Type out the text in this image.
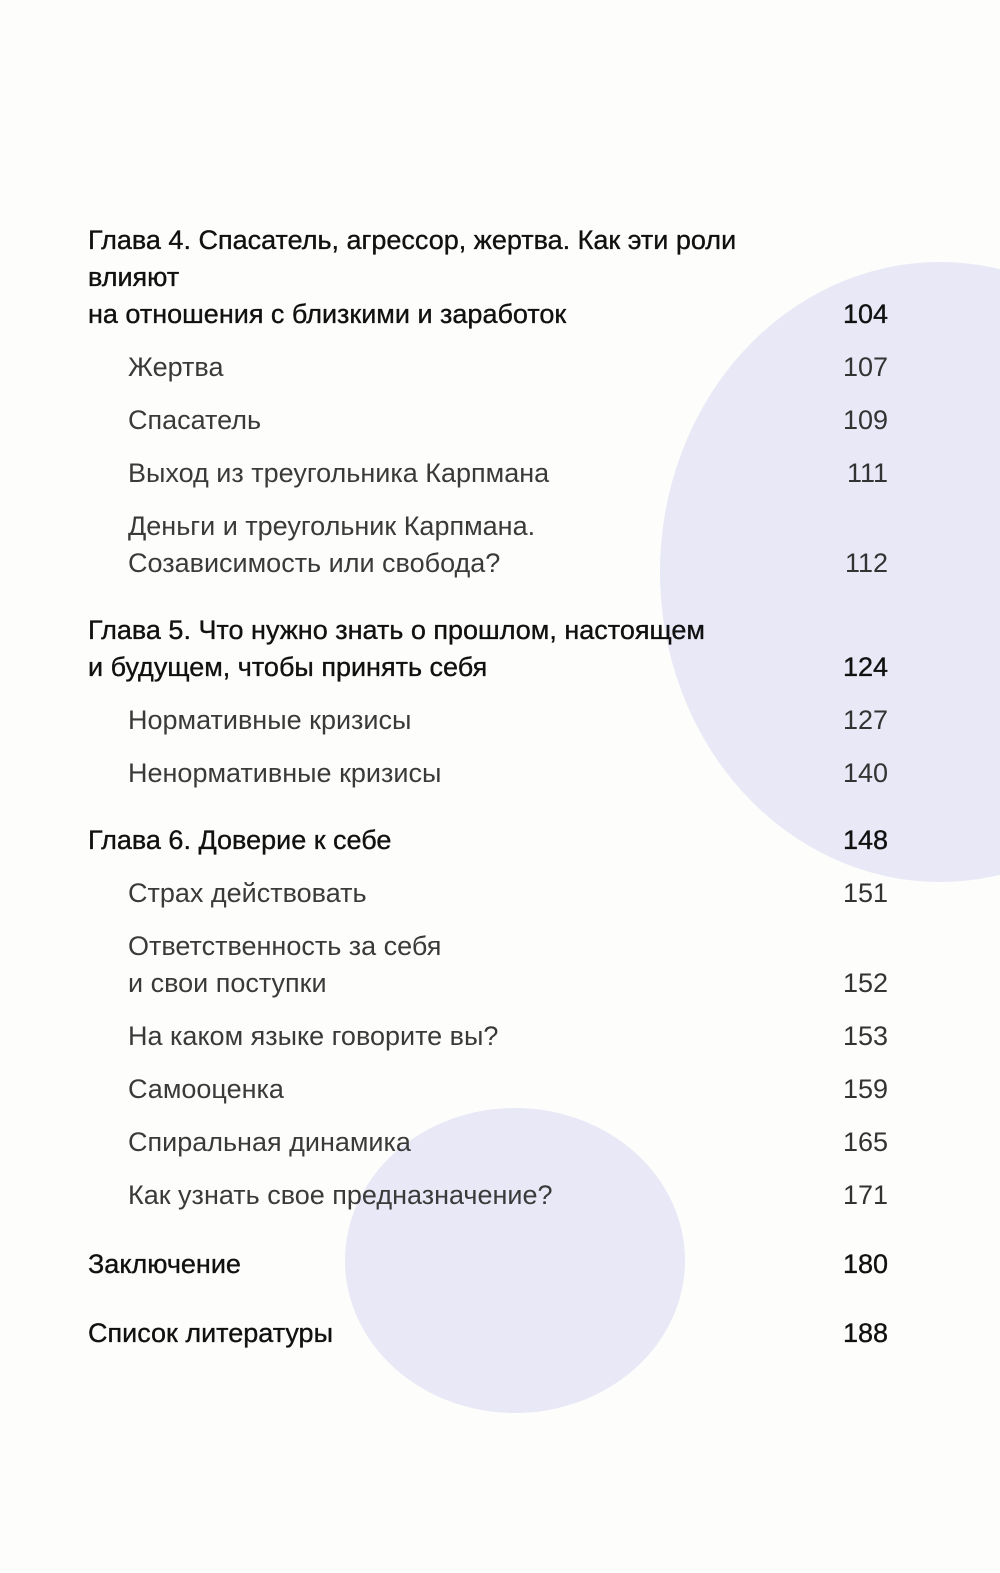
Глава 4. Спасатель, агрессор, жертва. Как эти роли влияют
на отношения с близкими и заработок	104
Жертва	107
Спасатель	109
Выход из треугольника Карпмана	111
Деньги и треугольник Карпмана.
Созависимость или свобода?	112
Глава 5. Что нужно знать о прошлом, настоящем
и будущем, чтобы принять себя	124
Нормативные кризисы	127
Ненормативные кризисы	140
Глава 6. Доверие к себе	148
Страх действовать	151
Ответственность за себя
и свои поступки	152
На каком языке говорите вы?	153
Самооценка	159
Спиральная динамика	165
Как узнать свое предназначение?	171
Заключение	180
Список литературы	188
